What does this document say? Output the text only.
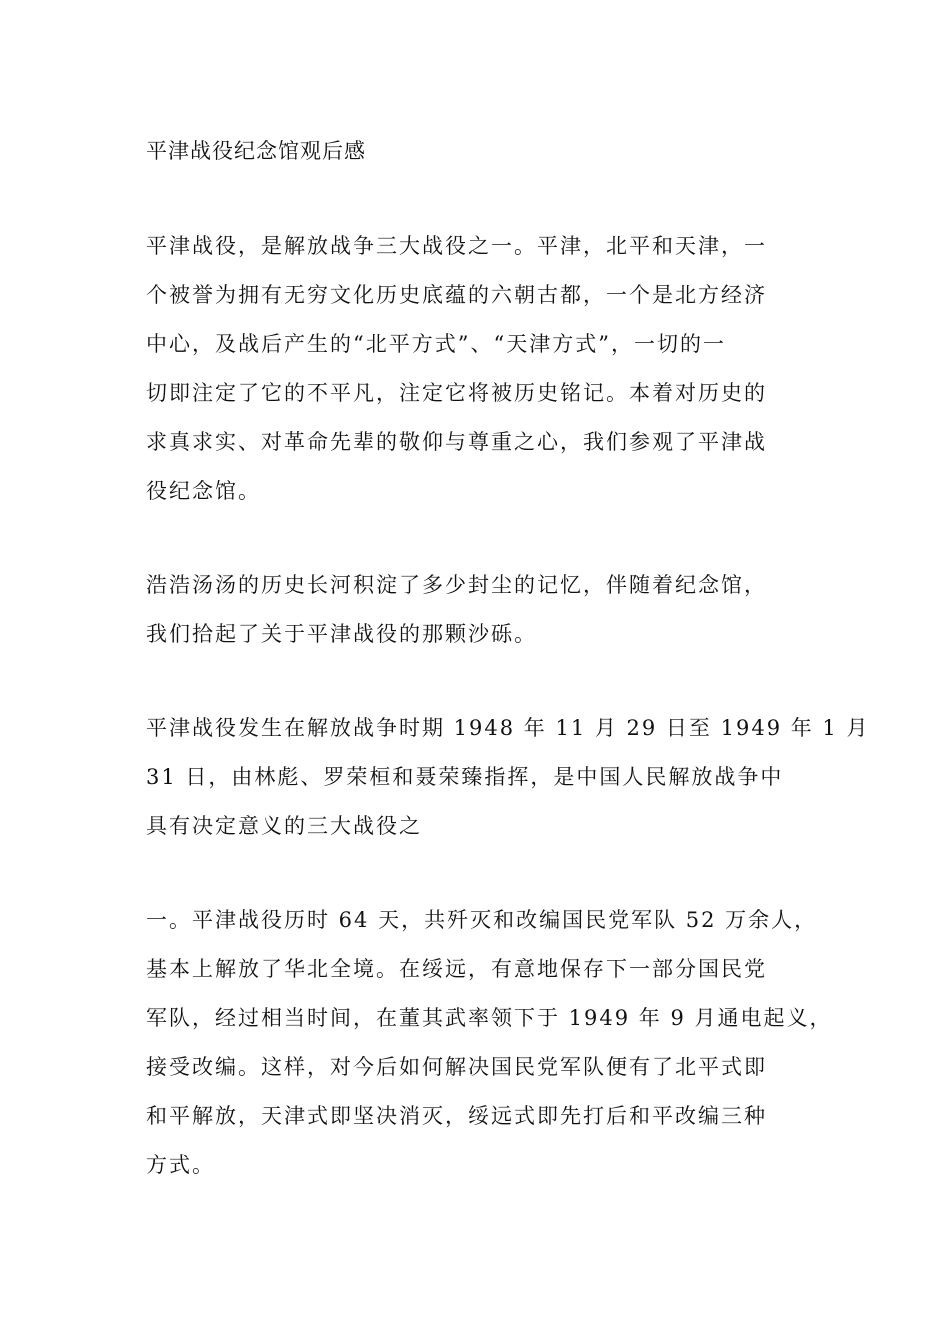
平津战役纪念馆观后感

平津战役，是解放战争三大战役之一。平津，北平和天津，一
个被誉为拥有无穷文化历史底蕴的六朝古都，一个是北方经济
中心，及战后产生的“北平方式”、“天津方式”，一切的一
切即注定了它的不平凡，注定它将被历史铭记。本着对历史的
求真求实、对革命先辈的敬仰与尊重之心，我们参观了平津战
役纪念馆。

浩浩汤汤的历史长河积淀了多少封尘的记忆，伴随着纪念馆，
我们拾起了关于平津战役的那颗沙砾。

平津战役发生在解放战争时期 1948 年 11 月 29 日至 1949 年 1 月
31 日，由林彪、罗荣桓和聂荣臻指挥，是中国人民解放战争中
具有决定意义的三大战役之

一。平津战役历时 64 天，共歼灭和改编国民党军队 52 万余人，
基本上解放了华北全境。在绥远，有意地保存下一部分国民党
军队，经过相当时间，在董其武率领下于 1949 年 9 月通电起义，
接受改编。这样，对今后如何解决国民党军队便有了北平式即
和平解放，天津式即坚决消灭，绥远式即先打后和平改编三种
方式。
